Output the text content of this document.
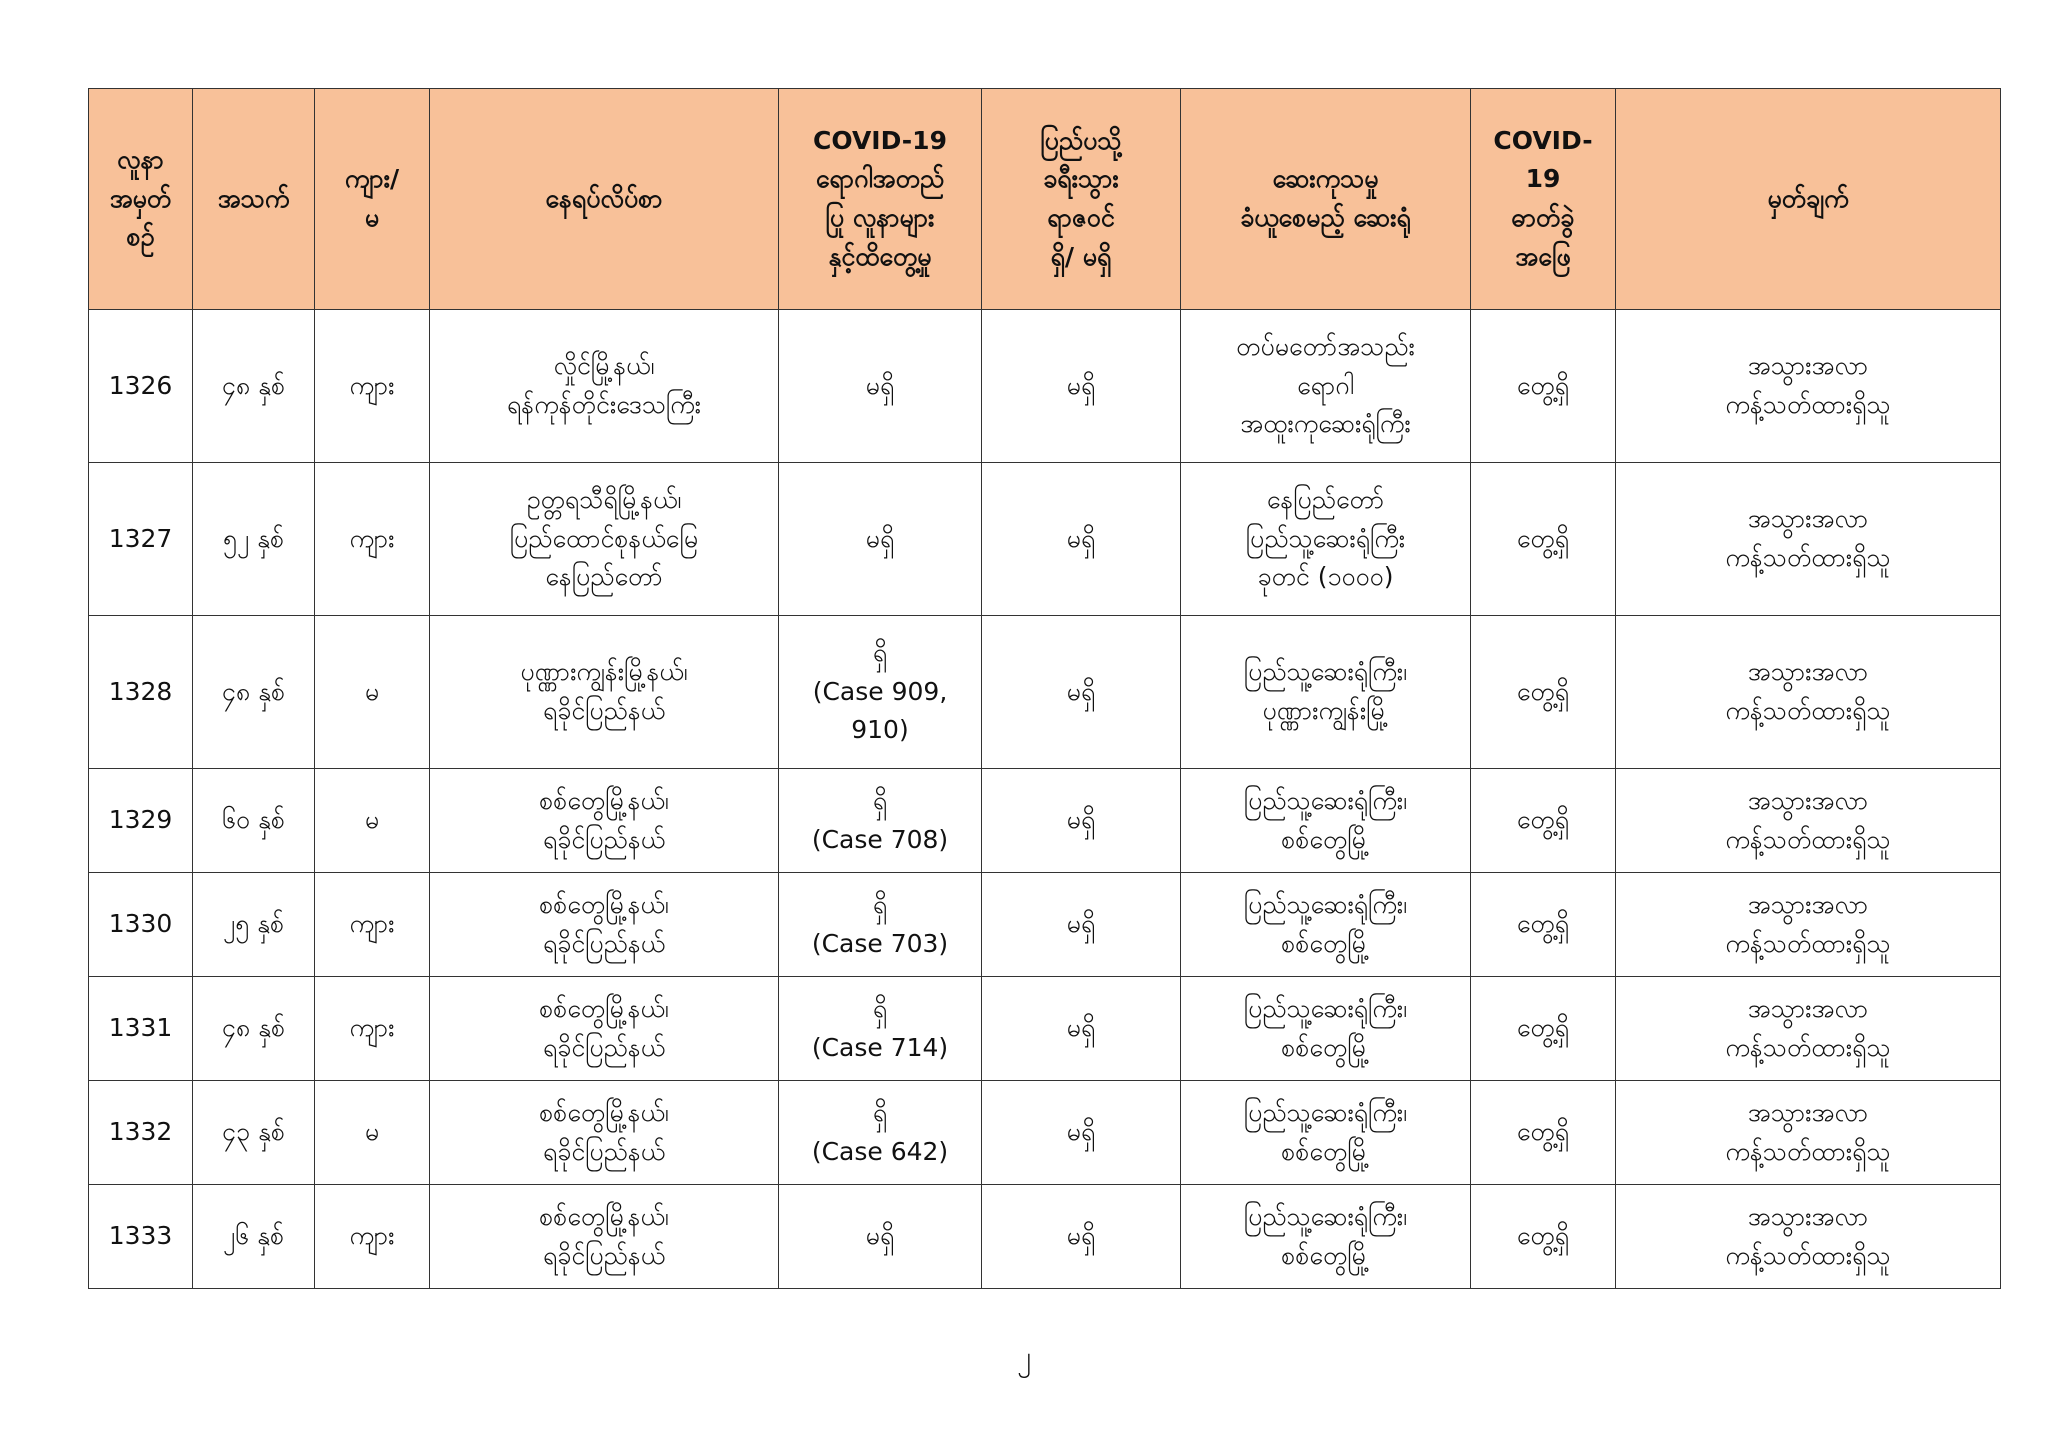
လူနာ
အမှတ်
စဉ်	အသက်	ကျား/
မ	နေရပ်လိပ်စာ	COVID-19
ရောဂါအတည်
ပြု လူနာများ
နှင့်ထိတွေ့မှု	ပြည်ပသို့
ခရီးသွား
ရာဇဝင်
ရှိ/ မရှိ	ဆေးကုသမှု
ခံယူစေမည့် ဆေးရုံ	COVID-
19
ဓာတ်ခွဲ
အဖြေ	မှတ်ချက်
1326	၄၈ နှစ်	ကျား	လှိုင်မြို့နယ်၊
ရန်ကုန်တိုင်းဒေသကြီး	မရှိ	မရှိ	တပ်မတော်အသည်း
ရောဂါ
အထူးကုဆေးရုံကြီး	တွေ့ရှိ	အသွားအလာ
ကန့်သတ်ထားရှိသူ
1327	၅၂ နှစ်	ကျား	ဥတ္တရသီရိမြို့နယ်၊
ပြည်ထောင်စုနယ်မြေ
နေပြည်တော်	မရှိ	မရှိ	နေပြည်တော်
ပြည်သူ့ဆေးရုံကြီး
ခုတင် (၁၀၀၀)	တွေ့ရှိ	အသွားအလာ
ကန့်သတ်ထားရှိသူ
1328	၄၈ နှစ်	မ	ပုဏ္ဏားကျွန်းမြို့နယ်၊
ရခိုင်ပြည်နယ်	ရှိ
(Case 909,
910)	မရှိ	ပြည်သူ့ဆေးရုံကြီး၊
ပုဏ္ဏားကျွန်းမြို့	တွေ့ရှိ	အသွားအလာ
ကန့်သတ်ထားရှိသူ
1329	၆၀ နှစ်	မ	စစ်တွေမြို့နယ်၊
ရခိုင်ပြည်နယ်	ရှိ
(Case 708)	မရှိ	ပြည်သူ့ဆေးရုံကြီး၊
စစ်တွေမြို့	တွေ့ရှိ	အသွားအလာ
ကန့်သတ်ထားရှိသူ
1330	၂၅ နှစ်	ကျား	စစ်တွေမြို့နယ်၊
ရခိုင်ပြည်နယ်	ရှိ
(Case 703)	မရှိ	ပြည်သူ့ဆေးရုံကြီး၊
စစ်တွေမြို့	တွေ့ရှိ	အသွားအလာ
ကန့်သတ်ထားရှိသူ
1331	၄၈ နှစ်	ကျား	စစ်တွေမြို့နယ်၊
ရခိုင်ပြည်နယ်	ရှိ
(Case 714)	မရှိ	ပြည်သူ့ဆေးရုံကြီး၊
စစ်တွေမြို့	တွေ့ရှိ	အသွားအလာ
ကန့်သတ်ထားရှိသူ
1332	၄၃ နှစ်	မ	စစ်တွေမြို့နယ်၊
ရခိုင်ပြည်နယ်	ရှိ
(Case 642)	မရှိ	ပြည်သူ့ဆေးရုံကြီး၊
စစ်တွေမြို့	တွေ့ရှိ	အသွားအလာ
ကန့်သတ်ထားရှိသူ
1333	၂၆ နှစ်	ကျား	စစ်တွေမြို့နယ်၊
ရခိုင်ပြည်နယ်	မရှိ	မရှိ	ပြည်သူ့ဆေးရုံကြီး၊
စစ်တွေမြို့	တွေ့ရှိ	အသွားအလာ
ကန့်သတ်ထားရှိသူ
၂
